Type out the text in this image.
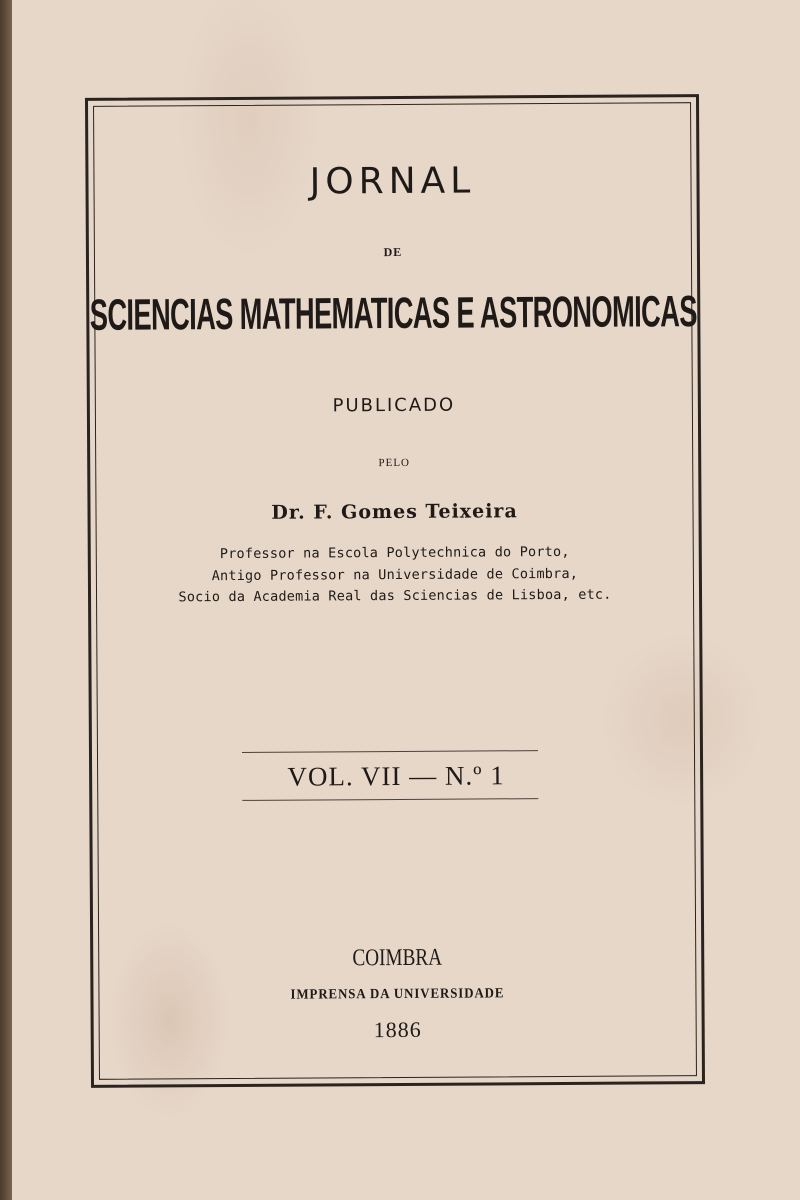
JORNAL
DE
SCIENCIAS MATHEMATICAS E ASTRONOMICAS
PUBLICADO
PELO
Dr. F. Gomes Teixeira
Professor na Escola Polytechnica do Porto,
Antigo Professor na Universidade de Coimbra,
Socio da Academia Real das Sciencias de Lisboa, etc.
VOL. VII — N.º 1
COIMBRA
IMPRENSA DA UNIVERSIDADE
1886
